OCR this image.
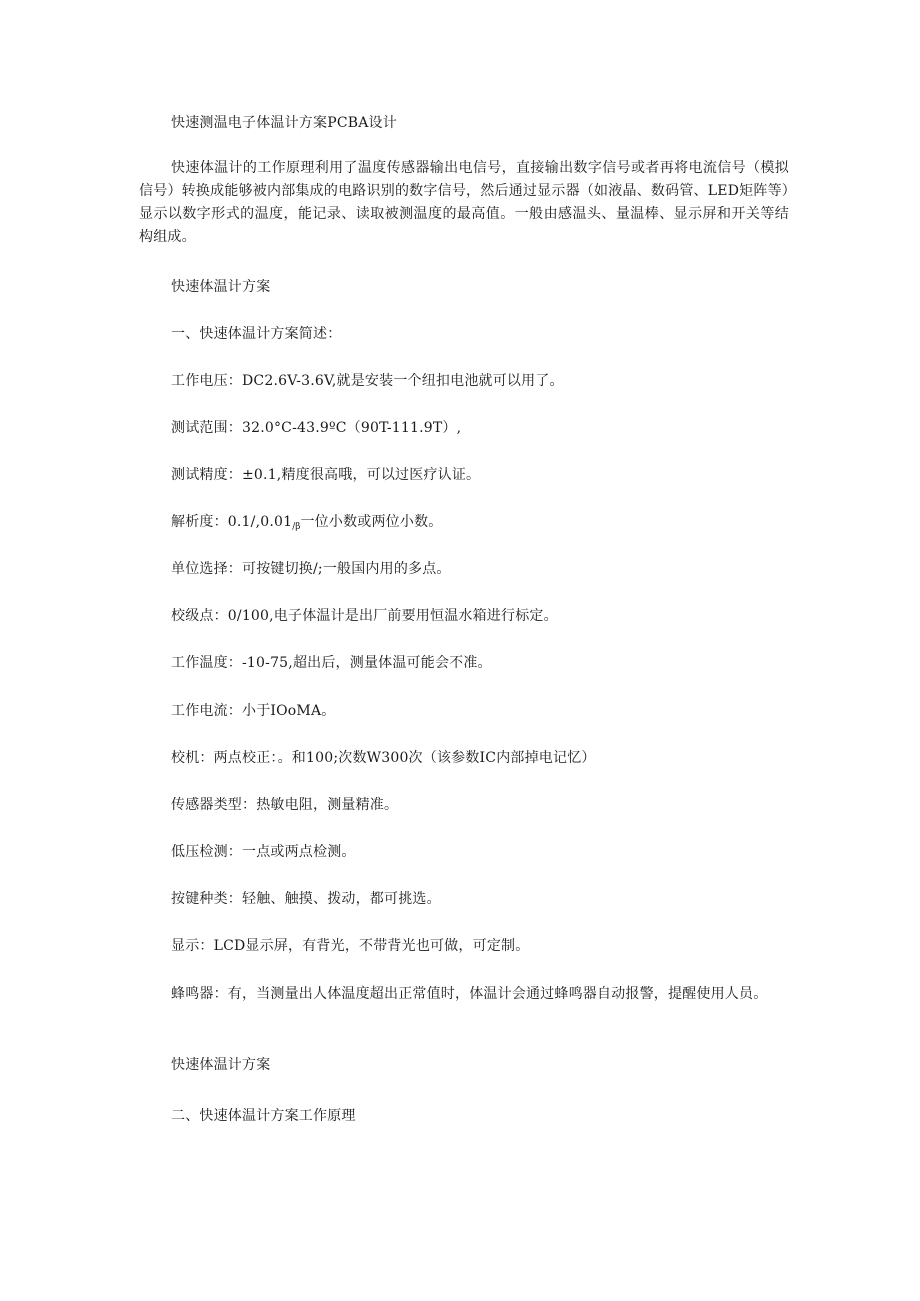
快速测温电子体温计方案PCBA设计

快速体温计的工作原理利用了温度传感器输出电信号，直接输出数字信号或者再将电流信号（模拟信号）转换成能够被内部集成的电路识别的数字信号，然后通过显示器（如液晶、数码管、LED矩阵等）显示以数字形式的温度，能记录、读取被测温度的最高值。一般由感温头、量温棒、显示屏和开关等结构组成。

快速体温计方案

一、快速体温计方案简述：

工作电压：DC2.6V-3.6V,就是安装一个纽扣电池就可以用了。

测试范围：32.0°C-43.9ºC（90T-111.9T）,

测试精度：±0.1,精度很高哦，可以过医疗认证。

解析度：$0.1/,0.01_{/\beta}$一位小数或两位小数。

单位选择：可按键切换/;一般国内用的多点。

校级点：0/100,电子体温计是出厂前要用恒温水箱进行标定。

工作温度：-10-75,超出后，测量体温可能会不准。

工作电流：小于IOoMA。

校机：两点校正：。和100;次数W300次（该参数IC内部掉电记忆）

传感器类型：热敏电阻，测量精准。

低压检测：一点或两点检测。

按键种类：轻触、触摸、拨动，都可挑选。

显示：LCD显示屏，有背光，不带背光也可做，可定制。

蜂鸣器：有，当测量出人体温度超出正常值时，体温计会通过蜂鸣器自动报警，提醒使用人员。

快速体温计方案

二、快速体温计方案工作原理
